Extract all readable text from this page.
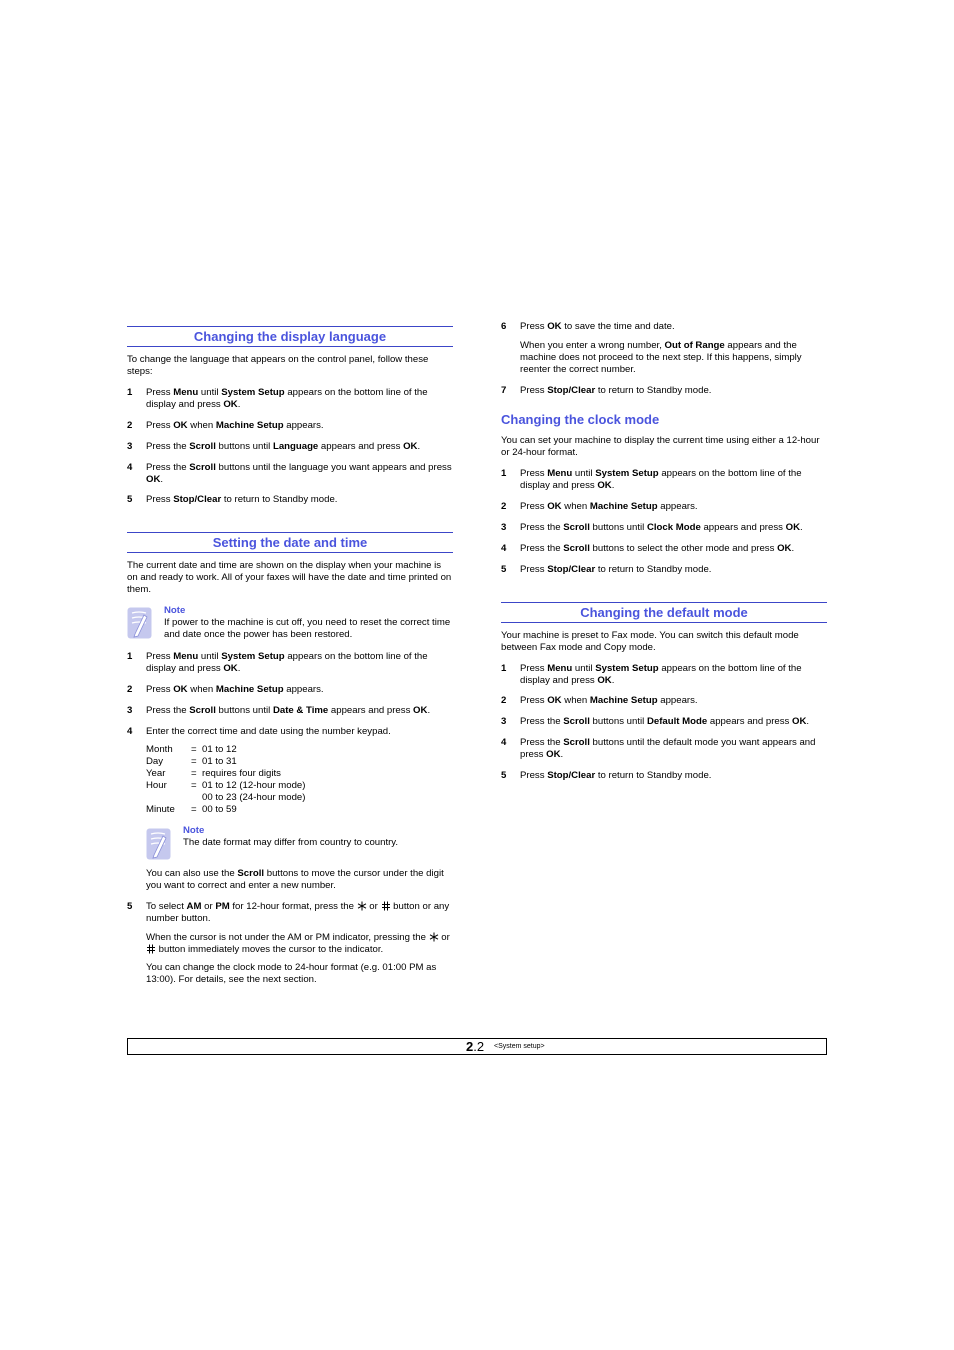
Changing the display language
To change the language that appears on the control panel, follow these steps:
1 Press Menu until System Setup appears on the bottom line of the display and press OK.
2 Press OK when Machine Setup appears.
3 Press the Scroll buttons until Language appears and press OK.
4 Press the Scroll buttons until the language you want appears and press OK.
5 Press Stop/Clear to return to Standby mode.
Setting the date and time
The current date and time are shown on the display when your machine is on and ready to work. All of your faxes will have the date and time printed on them.
Note
If power to the machine is cut off, you need to reset the correct time and date once the power has been restored.
1 Press Menu until System Setup appears on the bottom line of the display and press OK.
2 Press OK when Machine Setup appears.
3 Press the Scroll buttons until Date & Time appears and press OK.
4 Enter the correct time and date using the number keypad.
Month = 01 to 12
Day	= 01 to 31
Year	= requires four digits
Hour	= 01 to 12 (12-hour mode)
00 to 23 (24-hour mode)
Minute = 00 to 59
Note
The date format may differ from country to country.
You can also use the Scroll buttons to move the cursor under the digit you want to correct and enter a new number.
5 To select AM or PM for 12-hour format, press the  or  button or any number button.
When the cursor is not under the AM or PM indicator, pressing the  or  button immediately moves the cursor to the indicator.
You can change the clock mode to 24-hour format (e.g. 01:00 PM as 13:00). For details, see the next section.
6 Press OK to save the time and date.
When you enter a wrong number, Out of Range appears and the machine does not proceed to the next step. If this happens, simply reenter the correct number.
7 Press Stop/Clear to return to Standby mode.
Changing the clock mode
You can set your machine to display the current time using either a 12-hour or 24-hour format.
1 Press Menu until System Setup appears on the bottom line of the display and press OK.
2 Press OK when Machine Setup appears.
3 Press the Scroll buttons until Clock Mode appears and press OK.
4 Press the Scroll buttons to select the other mode and press OK.
5 Press Stop/Clear to return to Standby mode.
Changing the default mode
Your machine is preset to Fax mode. You can switch this default mode between Fax mode and Copy mode.
1 Press Menu until System Setup appears on the bottom line of the display and press OK.
2 Press OK when Machine Setup appears.
3 Press the Scroll buttons until Default Mode appears and press OK.
4 Press the Scroll buttons until the default mode you want appears and press OK.
5 Press Stop/Clear to return to Standby mode.
2.2 <System setup>
